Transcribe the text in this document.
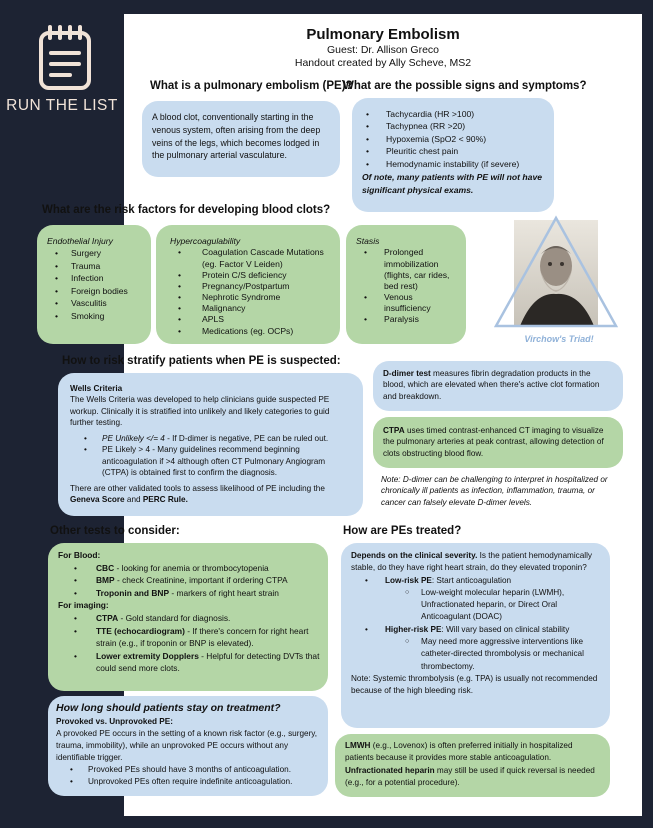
RUN THE LIST
Pulmonary Embolism
Guest: Dr. Allison Greco
Handout created by Ally Scheve, MS2
What is a pulmonary embolism (PE)?
A blood clot, conventionally starting in the venous system, often arising from the deep veins of the legs, which becomes lodged in the pulmonary arterial vasculature.
What are the possible signs and symptoms?
• Tachycardia (HR >100)
• Tachypnea (RR >20)
• Hypoxemia (SpO2 < 90%)
• Pleuritic chest pain
• Hemodynamic instability (if severe)
Of note, many patients with PE will not have significant physical exams.
What are the risk factors for developing blood clots?
Endothelial Injury
• Surgery
• Trauma
• Infection
• Foreign bodies
• Vasculitis
• Smoking
Hypercoagulability
• Coagulation Cascade Mutations (eg. Factor V Leiden)
• Protein C/S deficiency
• Pregnancy/Postpartum
• Nephrotic Syndrome
• Malignancy
• APLS
• Medications (eg. OCPs)
Stasis
• Prolonged immobilization (flights, car rides, bed rest)
• Venous insufficiency
• Paralysis
Virchow's Triad!
How to risk stratify patients when PE is suspected:
Wells Criteria
The Wells Criteria was developed to help clinicians guide suspected PE workup. Clinically it is stratified into unlikely and likely categories to guid further testing.
• PE Unlikely </= 4 - If D-dimer is negative, PE can be ruled out.
• PE Likely > 4 - Many guidelines recommend beginning anticoagulation if >4 although often CT Pulmonary Angiogram (CTPA) is obtained first to confirm the diagnosis.
There are other validated tools to assess likelihood of PE including the Geneva Score and PERC Rule.
D-dimer test measures fibrin degradation products in the blood, which are elevated when there's active clot formation and breakdown.
CTPA uses timed contrast-enhanced CT imaging to visualize the pulmonary arteries at peak contrast, allowing detection of clots obstructing blood flow.
Note: D-dimer can be challenging to interpret in hospitalized or chronically ill patients as infection, inflammation, trauma, or cancer can falsely elevate D-dimer levels.
Other tests to consider:
For Blood:
• CBC - looking for anemia or thrombocytopenia
• BMP - check Creatinine, important if ordering CTPA
• Troponin and BNP - markers of right heart strain
For imaging:
• CTPA - Gold standard for diagnosis.
• TTE (echocardiogram) - If there's concern for right heart strain (e.g., if troponin or BNP is elevated).
• Lower extremity Dopplers - Helpful for detecting DVTs that could send more clots.
How long should patients stay on treatment?
Provoked vs. Unprovoked PE:
A provoked PE occurs in the setting of a known risk factor (e.g., surgery, trauma, immobility), while an unprovoked PE occurs without any identifiable trigger.
• Provoked PEs should have 3 months of anticoagulation.
• Unprovoked PEs often require indefinite anticoagulation.
How are PEs treated?
Depends on the clinical severity. Is the patient hemodynamically stable, do they have right heart strain, do they elevated troponin?
• Low-risk PE: Start anticoagulation
○ Low-weight molecular heparin (LWMH), Unfractionated heparin, or Direct Oral Anticoagulant (DOAC)
• Higher-risk PE: Will vary based on clinical stability
○ May need more aggressive interventions like catheter-directed thrombolysis or mechanical thrombectomy.
Note: Systemic thrombolysis (e.g. TPA) is usually not recommended because of the high bleeding risk.
LMWH (e.g., Lovenox) is often preferred initially in hospitalized patients because it provides more stable anticoagulation. Unfractionated heparin may still be used if quick reversal is needed (e.g., for a potential procedure).
